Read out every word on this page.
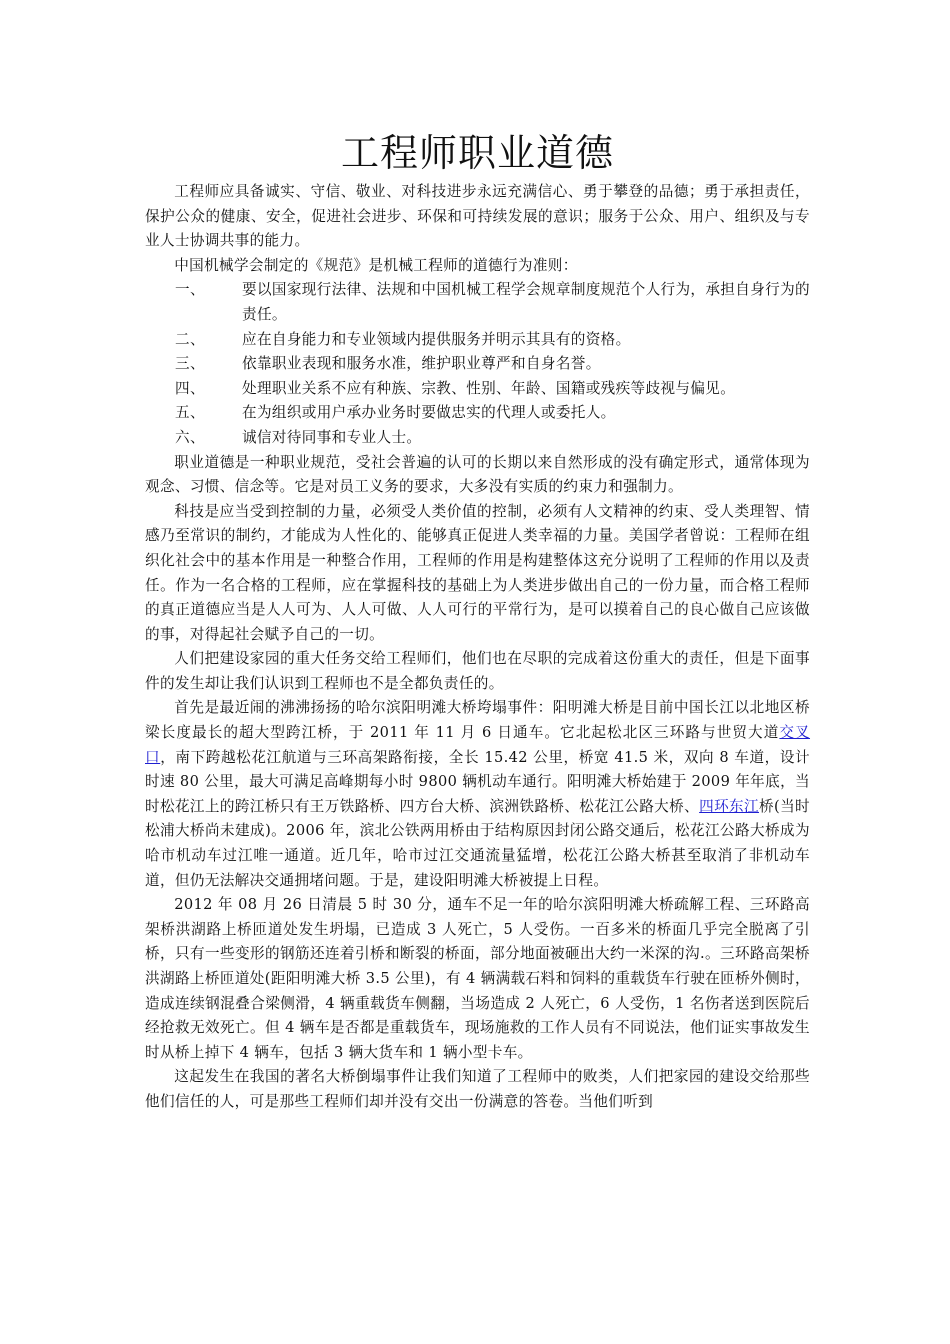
工程师职业道德

工程师应具备诚实、守信、敬业、对科技进步永远充满信心、勇于攀登的品德；勇于承担责任，保护公众的健康、安全，促进社会进步、环保和可持续发展的意识；服务于公众、用户、组织及与专业人士协调共事的能力。

中国机械学会制定的《规范》是机械工程师的道德行为准则：

一、	要以国家现行法律、法规和中国机械工程学会规章制度规范个人行为，承担自身行为的责任。
二、	应在自身能力和专业领域内提供服务并明示其具有的资格。
三、	依靠职业表现和服务水准，维护职业尊严和自身名誉。
四、	处理职业关系不应有种族、宗教、性别、年龄、国籍或残疾等歧视与偏见。
五、	在为组织或用户承办业务时要做忠实的代理人或委托人。
六、	诚信对待同事和专业人士。

职业道德是一种职业规范，受社会普遍的认可的长期以来自然形成的没有确定形式，通常体现为观念、习惯、信念等。它是对员工义务的要求，大多没有实质的约束力和强制力。

科技是应当受到控制的力量，必须受人类价值的控制，必须有人文精神的约束、受人类理智、情感乃至常识的制约，才能成为人性化的、能够真正促进人类幸福的力量。美国学者曾说：工程师在组织化社会中的基本作用是一种整合作用，工程师的作用是构建整体这充分说明了工程师的作用以及责任。作为一名合格的工程师，应在掌握科技的基础上为人类进步做出自己的一份力量，而合格工程师的真正道德应当是人人可为、人人可做、人人可行的平常行为，是可以摸着自己的良心做自己应该做的事，对得起社会赋予自己的一切。

人们把建设家园的重大任务交给工程师们，他们也在尽职的完成着这份重大的责任，但是下面事件的发生却让我们认识到工程师也不是全都负责任的。

首先是最近闹的沸沸扬扬的哈尔滨阳明滩大桥垮塌事件：阳明滩大桥是目前中国长江以北地区桥梁长度最长的超大型跨江桥，于 2011 年 11 月 6 日通车。它北起松北区三环路与世贸大道交叉口，南下跨越松花江航道与三环高架路衔接，全长 15.42 公里，桥宽 41.5 米，双向 8 车道，设计时速 80 公里，最大可满足高峰期每小时 9800 辆机动车通行。阳明滩大桥始建于 2009 年年底，当时松花江上的跨江桥只有王万铁路桥、四方台大桥、滨洲铁路桥、松花江公路大桥、四环东江桥(当时松浦大桥尚未建成)。2006 年，滨北公铁两用桥由于结构原因封闭公路交通后，松花江公路大桥成为哈市机动车过江唯一通道。近几年，哈市过江交通流量猛增，松花江公路大桥甚至取消了非机动车道，但仍无法解决交通拥堵问题。于是，建设阳明滩大桥被提上日程。

2012 年 08 月 26 日清晨 5 时 30 分，通车不足一年的哈尔滨阳明滩大桥疏解工程、三环路高架桥洪湖路上桥匝道处发生坍塌，已造成 3 人死亡，5 人受伤。一百多米的桥面几乎完全脱离了引桥，只有一些变形的钢筋还连着引桥和断裂的桥面，部分地面被砸出大约一米深的沟.。三环路高架桥洪湖路上桥匝道处(距阳明滩大桥 3.5 公里)，有 4 辆满载石料和饲料的重载货车行驶在匝桥外侧时，造成连续钢混叠合梁侧滑，4 辆重载货车侧翻，当场造成 2 人死亡，6 人受伤，1 名伤者送到医院后经抢救无效死亡。但 4 辆车是否都是重载货车，现场施救的工作人员有不同说法，他们证实事故发生时从桥上掉下 4 辆车，包括 3 辆大货车和 1 辆小型卡车。

这起发生在我国的著名大桥倒塌事件让我们知道了工程师中的败类，人们把家园的建设交给那些他们信任的人，可是那些工程师们却并没有交出一份满意的答卷。当他们听到
